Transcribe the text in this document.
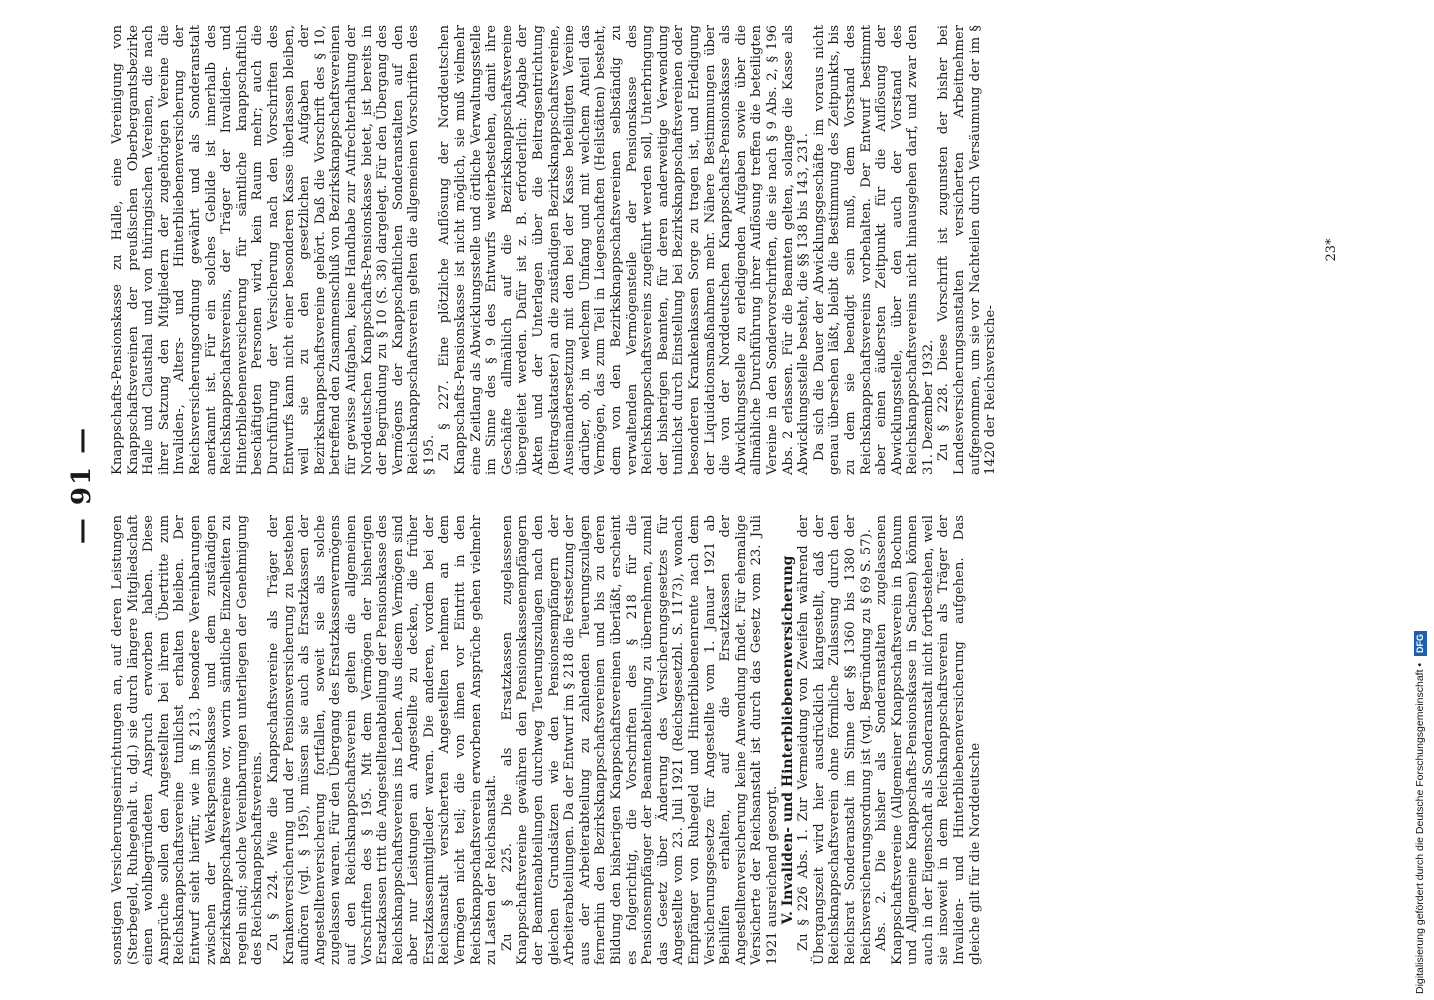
— 91 —

sonstigen Versicherungseinrichtungen an, auf deren Leistungen (Sterbegeld, Ruhegehalt u. dgl.) sie durch längere Mitgliedschaft einen wohlbegründeten Anspruch erworben haben. Diese Ansprüche sollen den Angestellten bei ihrem Übertritte zum Reichsknappschaftsvereine tunlichst erhalten bleiben. Der Entwurf sieht hierfür, wie im § 213, besondere Vereinbarungen zwischen der Werkspensionskasse und dem zuständigen Bezirksknappschaftsvereine vor, worin sämtliche Einzelheiten zu regeln sind; solche Vereinbarungen unterliegen der Genehmigung des Reichsknappschaftsvereins. Zu § 224. Wie die Knappschaftsvereine als Träger der Krankenversicherung und der Pensionsversicherung zu bestehen aufhören (vgl. § 195), müssen sie auch als Ersatzkassen der Angestelltenversicherung fortfallen, soweit sie als solche zugelassen waren. Für den Übergang des Ersatzkassenvermögens auf den Reichsknappschaftsverein gelten die allgemeinen Vorschriften des § 195. Mit dem Vermögen der bisherigen Ersatzkassen tritt die Angestelltenabteilung der Pensionskasse des Reichsknappschaftsvereins ins Leben. Aus diesem Vermögen sind aber nur Leistungen an Angestellte zu decken, die früher Ersatzkassenmitglieder waren. Die anderen, vordem bei der Reichsanstalt versicherten Angestellten nehmen an dem Vermögen nicht teil; die von ihnen vor Eintritt in den Reichsknappschaftsverein erworbenen Ansprüche gehen vielmehr zu Lasten der Reichsanstalt. Zu § 225. Die als Ersatzkassen zugelassenen Knappschaftsvereine gewähren den Pensionskassenempfängern der Beamtenabteilungen durchweg Teuerungszulagen nach den gleichen Grundsätzen wie den Pensionsempfängern der Arbeiterabteilungen. Da der Entwurf im § 218 die Festsetzung der aus der Arbeiterabteilung zu zahlenden Teuerungszulagen fernerhin den Bezirksknappschaftsvereinen und bis zu deren Bildung den bisherigen Knappschaftsvereinen überläßt, erscheint es folgerichtig, die Vorschriften des § 218 für die Pensionsempfänger der Beamtenabteilung zu übernehmen, zumal das Gesetz über Änderung des Versicherungsgesetzes für Angestellte vom 23. Juli 1921 (Reichsgesetzbl. S. 1173), wonach Empfänger von Ruhegeld und Hinterbliebenenrente nach dem Versicherungsgesetze für Angestellte vom 1. Januar 1921 ab Beihilfen erhalten, auf die Ersatzkassen der Angestelltenversicherung keine Anwendung findet. Für ehemalige Versicherte der Reichsanstalt ist durch das Gesetz vom 23. Juli 1921 ausreichend gesorgt. V. Invaliden- und Hinterbliebenenversicherung Zu § 226 Abs. 1. Zur Vermeidung von Zweifeln während der Übergangszeit wird hier ausdrücklich klargestellt, daß der Reichsknappschaftsverein ohne förmliche Zulassung durch den Reichsrat Sonderanstalt im Sinne der §§ 1360 bis 1380 der Reichsversicherungsordnung ist (vgl. Begründung zu § 69 S. 57). Abs. 2. Die bisher als Sonderanstalten zugelassenen Knappschaftsvereine (Allgemeiner Knappschaftsverein in Bochum und Allgemeine Knappschafts-Pensionskasse in Sachsen) können auch in der Eigenschaft als Sonderanstalt nicht fortbestehen, weil sie insoweit in dem Reichsknappschaftsverein als Träger der Invaliden- und Hinterbliebenenversicherung aufgehen. Das gleiche gilt für die Norddeutsche

Knappschafts-Pensionskasse zu Halle, eine Vereinigung von Knappschaftsvereinen der preußischen Oberbergamtsbezirke Halle und Clausthal und von thüringischen Vereinen, die nach ihrer Satzung den Mitgliedern der zugehörigen Vereine die Invaliden-, Alters- und Hinterbliebenenversicherung der Reichsversicherungsordnung gewährt und als Sonderanstalt anerkannt ist. Für ein solches Gebilde ist innerhalb des Reichsknappschaftsvereins, der Träger der Invaliden- und Hinterbliebenenversicherung für sämtliche knappschaftlich beschäftigten Personen wird, kein Raum mehr; auch die Durchführung der Versicherung nach den Vorschriften des Entwurfs kann nicht einer besonderen Kasse überlassen bleiben, weil sie zu den gesetzlichen Aufgaben der Bezirksknappschaftsvereine gehört. Daß die Vorschrift des § 10, betreffend den Zusammenschluß von Bezirksknappschaftsvereinen für gewisse Aufgaben, keine Handhabe zur Aufrechterhaltung der Norddeutschen Knappschafts-Pensionskasse bietet, ist bereits in der Begründung zu § 10 (S. 38) dargelegt. Für den Übergang des Vermögens der Knappschaftlichen Sonderanstalten auf den Reichsknappschaftsverein gelten die allgemeinen Vorschriften des § 195. Zu § 227. Eine plötzliche Auflösung der Norddeutschen Knappschafts-Pensionskasse ist nicht möglich, sie muß vielmehr eine Zeitlang als Abwicklungsstelle und örtliche Verwaltungsstelle im Sinne des § 9 des Entwurfs weiterbestehen, damit ihre Geschäfte allmählich auf die Bezirksknappschaftsvereine übergeleitet werden. Dafür ist z. B. erforderlich: Abgabe der Akten und der Unterlagen über die Beitragsentrichtung (Beitragskataster) an die zuständigen Bezirksknappschaftsvereine, Auseinandersetzung mit den bei der Kasse beteiligten Vereine darüber, ob, in welchem Umfang und mit welchem Anteil das Vermögen, das zum Teil in Liegenschaften (Heilstätten) besteht, dem von den Bezirksknappschaftsvereinen selbständig zu verwaltenden Vermögensteile der Pensionskasse des Reichsknappschaftsvereins zugeführt werden soll, Unterbringung der bisherigen Beamten, für deren anderweitige Verwendung tunlichst durch Einstellung bei Bezirksknappschaftsvereinen oder besonderen Krankenkassen Sorge zu tragen ist, und Erledigung der Liquidationsmaßnahmen mehr. Nähere Bestimmungen über die von der Norddeutschen Knappschafts-Pensionskasse als Abwicklungsstelle zu erledigenden Aufgaben sowie über die allmähliche Durchführung ihrer Auflösung treffen die beteiligten Vereine in den Sondervorschriften, die sie nach § 9 Abs. 2, § 196 Abs. 2 erlassen. Für die Beamten gelten, solange die Kasse als Abwicklungsstelle besteht, die §§ 138 bis 143, 231. Da sich die Dauer der Abwicklungsgeschäfte im voraus nicht genau übersehen läßt, bleibt die Bestimmung des Zeitpunkts, bis zu dem sie beendigt sein muß, dem Vorstand des Reichsknappschaftsvereins vorbehalten. Der Entwurf bestimmt aber einen äußersten Zeitpunkt für die Auflösung der Abwicklungsstelle, über den auch der Vorstand des Reichsknappschaftsvereins nicht hinausgehen darf, und zwar den 31. Dezember 1932. Zu § 228. Diese Vorschrift ist zugunsten der bisher bei Landesversicherungsanstalten versicherten Arbeitnehmer aufgenommen, um sie vor Nachteilen durch Versäumung der im § 1420 der Reichsversiche-

23*
Digitalisierung gefördert durch die Deutsche Forschungsgemeinschaft • DFG
